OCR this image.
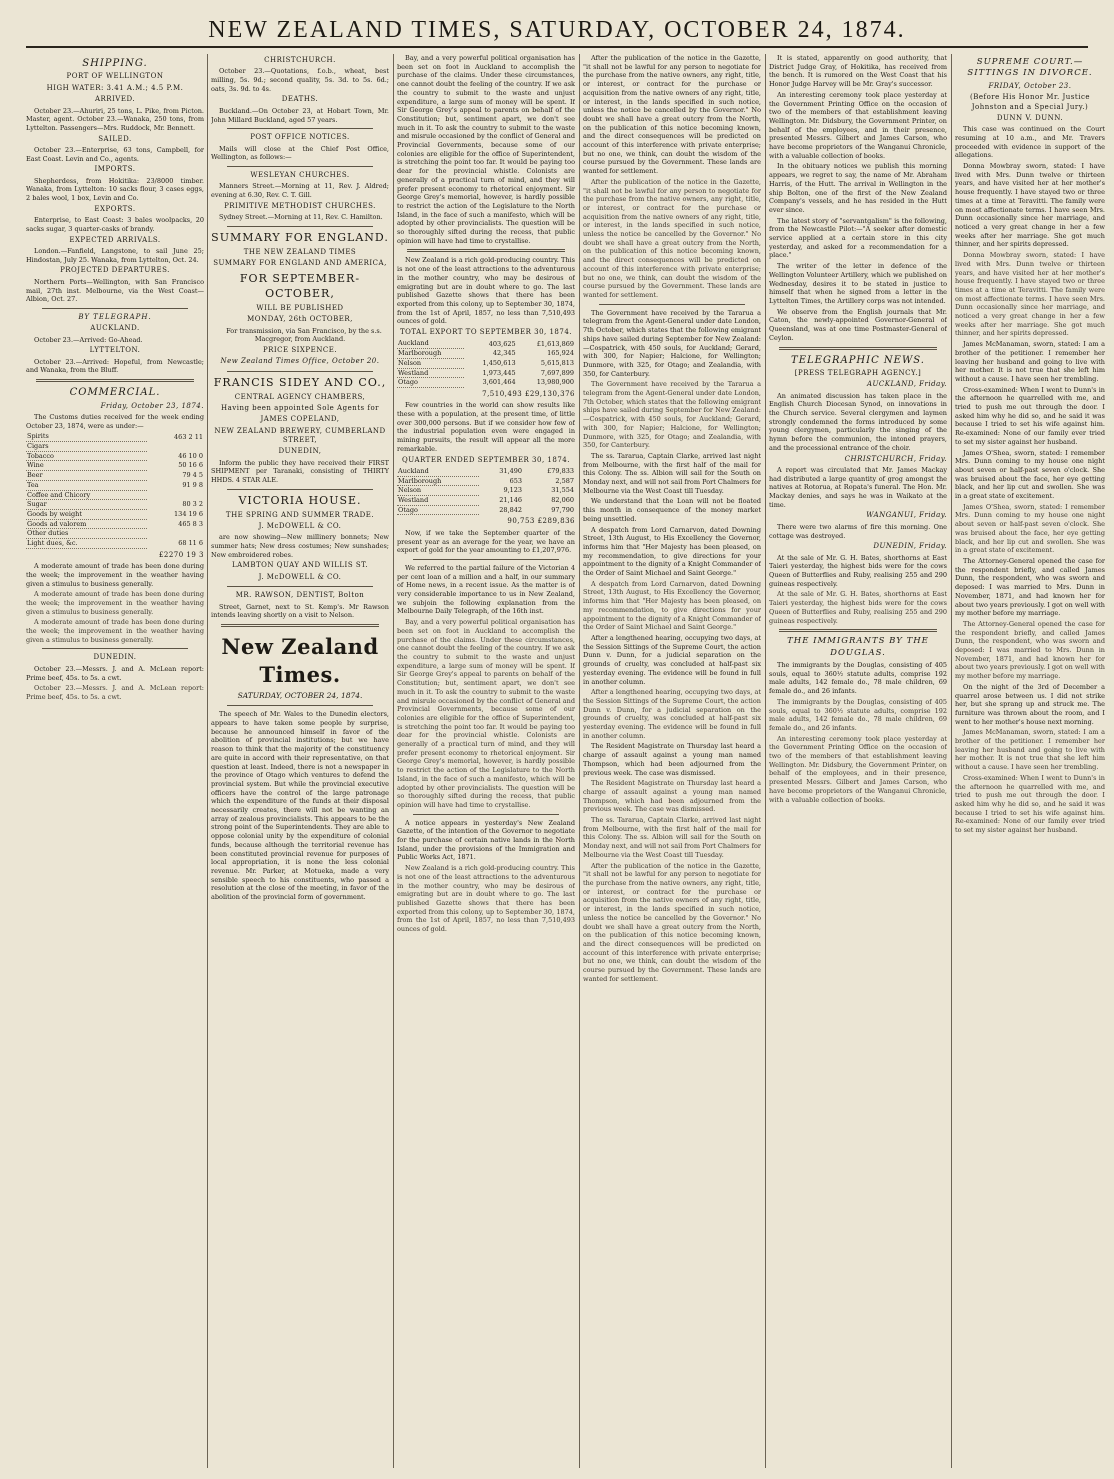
NEW ZEALAND TIMES, SATURDAY, OCTOBER 24, 1874.
SHIPPING.
PORT OF WELLINGTON
HIGH WATER: 3.41 A.M.; 4.5 P.M.
ARRIVED.
October 23.—Ahuriri, 25 tons, L. Pike, from Picton. Master, agent. October 23.—Wanaka, 250 tons, from Lyttelton. Passengers—Mrs. Ruddock, Mr. Bennett.
SAILED.
October 23.—Enterprise, 63 tons, Campbell, for East Coast. Levin and Co., agents.
IMPORTS.
Shepherdess, from Hokitika: 23/8000 timber. Wanaka, from Lyttelton: 10 sacks flour, 3 cases eggs, 2 bales wool, 1 box, Levin and Co.
EXPORTS.
Enterprise, to East Coast: 3 bales woolpacks, 20 sacks sugar, 3 quarter-casks of brandy.
EXPECTED ARRIVALS.
London.—Fanfield, Langstone, to sail June 25; Hindostan, July 25. Wanaka, from Lyttelton, Oct. 24.
PROJECTED DEPARTURES.
Northern Ports—Wellington, with San Francisco mail, 27th inst. Melbourne, via the West Coast—Albion, Oct. 27.
BY TELEGRAPH.
AUCKLAND.
October 23.—Arrived: Go-Ahead.
LYTTELTON.
October 23.—Arrived: Hopeful, from Newcastle; and Wanaka, from the Bluff.
COMMERCIAL.
Friday, October 23, 1874.
The Customs duties received for the week ending October 23, 1874, were as under:—
Spirits	463 2 11
Cigars	
Tobacco	46 10 0
Wine	50 16 6
Beer	79 4 5
Tea	91 9 8
Coffee and Chicory	
Sugar	80 3 2
Goods by weight	134 19 6
Goods ad valorem	465 8 3
Other duties	
Light dues, &c.	68 11 6
£2270 19 3
A moderate amount of trade has been done during the week; the improvement in the weather having given a stimulus to business generally.
A moderate amount of trade has been done during the week; the improvement in the weather having given a stimulus to business generally.
A moderate amount of trade has been done during the week; the improvement in the weather having given a stimulus to business generally.
DUNEDIN.
October 23.—Messrs. J. and A. McLean report: Prime beef, 45s. to 5s. a cwt.
October 23.—Messrs. J. and A. McLean report: Prime beef, 45s. to 5s. a cwt.
CHRISTCHURCH.
October 23.—Quotations, f.o.b., wheat, best milling, 5s. 9d.; second quality, 5s. 3d. to 5s. 6d.; oats, 3s. 9d. to 4s.
DEATHS.
Buckland.—On October 23, at Hobart Town, Mr. John Millard Buckland, aged 57 years.
POST OFFICE NOTICES.
Mails will close at the Chief Post Office, Wellington, as follows:—
WESLEYAN CHURCHES.
Manners Street.—Morning at 11, Rev. J. Aldred; evening at 6.30, Rev. C. T. Gill.
PRIMITIVE METHODIST CHURCHES.
Sydney Street.—Morning at 11, Rev. C. Hamilton.
SUMMARY FOR ENGLAND.
THE NEW ZEALAND TIMES
SUMMARY FOR ENGLAND AND AMERICA,
FOR SEPTEMBER-OCTOBER,
WILL BE PUBLISHED
MONDAY, 26th OCTOBER,
For transmission, via San Francisco, by the s.s. Macgregor, from Auckland.
PRICE SIXPENCE.
New Zealand Times Office, October 20.
FRANCIS SIDEY AND CO.,
CENTRAL AGENCY CHAMBERS,
Having been appointed Sole Agents for
JAMES COPELAND,
NEW ZEALAND BREWERY, CUMBERLAND STREET,
DUNEDIN,
Inform the public they have received their FIRST SHIPMENT per Taranaki, consisting of THIRTY HHDS. 4 STAR ALE.
VICTORIA HOUSE.
THE SPRING AND SUMMER TRADE.
J. McDOWELL & CO.
are now showing—New millinery bonnets; New summer hats; New dress costumes; New sunshades; New embroidered robes.
LAMBTON QUAY AND WILLIS ST.
J. McDOWELL & CO.
MR. RAWSON, DENTIST, Bolton
Street, Garnet, next to St. Kemp's. Mr Rawson intends leaving shortly on a visit to Nelson.
New Zealand Times.
SATURDAY, OCTOBER 24, 1874.
The speech of Mr. Wales to the Dunedin electors, appears to have taken some people by surprise, because he announced himself in favor of the abolition of provincial institutions; but we have reason to think that the majority of the constituency are quite in accord with their representative, on that question at least. Indeed, there is not a newspaper in the province of Otago which ventures to defend the provincial system. But while the provincial executive officers have the control of the large patronage which the expenditure of the funds at their disposal necessarily creates, there will not be wanting an array of zealous provincialists. This appears to be the strong point of the Superintendents. They are able to oppose colonial unity by the expenditure of colonial funds, because although the territorial revenue has been constituted provincial revenue for purposes of local appropriation, it is none the less colonial revenue. Mr. Parker, at Motueka, made a very sensible speech to his constituents, who passed a resolution at the close of the meeting, in favor of the abolition of the provincial form of government.
Bay, and a very powerful political organisation has been set on foot in Auckland to accomplish the purchase of the claims. Under these circumstances, one cannot doubt the feeling of the country. If we ask the country to submit to the waste and unjust expenditure, a large sum of money will be spent. If Sir George Grey's appeal to parents on behalf of the Constitution; but, sentiment apart, we don't see much in it. To ask the country to submit to the waste and misrule occasioned by the conflict of General and Provincial Governments, because some of our colonies are eligible for the office of Superintendent, is stretching the point too far. It would be paying too dear for the provincial whistle. Colonists are generally of a practical turn of mind, and they will prefer present economy to rhetorical enjoyment. Sir George Grey's memorial, however, is hardly possible to restrict the action of the Legislature to the North Island, in the face of such a manifesto, which will be adopted by other provincialists. The question will be so thoroughly sifted during the recess, that public opinion will have had time to crystallise.
New Zealand is a rich gold-producing country. This is not one of the least attractions to the adventurous in the mother country, who may be desirous of emigrating but are in doubt where to go. The last published Gazette shows that there has been exported from this colony, up to September 30, 1874, from the 1st of April, 1857, no less than 7,510,493 ounces of gold.
TOTAL EXPORT TO SEPTEMBER 30, 1874.
Auckland	403,625	£1,613,869
Marlborough	42,345	165,924
Nelson	1,450,613	5,615,813
Westland	1,973,445	7,697,899
Otago	3,601,464	13,980,900
7,510,493 £29,130,376
Few countries in the world can show results like these with a population, at the present time, of little over 300,000 persons. But if we consider how few of the industrial population even were engaged in mining pursuits, the result will appear all the more remarkable.
QUARTER ENDED SEPTEMBER 30, 1874.
Auckland	31,490	£79,833
Marlborough	653	2,587
Nelson	9,123	31,554
Westland	21,146	82,060
Otago	28,842	97,790
90,753 £289,836
Now, if we take the September quarter of the present year as an average for the year, we have an export of gold for the year amounting to £1,207,976.
We referred to the partial failure of the Victorian 4 per cent loan of a million and a half, in our summary of Home news, in a recent issue. As the matter is of very considerable importance to us in New Zealand, we subjoin the following explanation from the Melbourne Daily Telegraph, of the 16th inst.
Bay, and a very powerful political organisation has been set on foot in Auckland to accomplish the purchase of the claims. Under these circumstances, one cannot doubt the feeling of the country. If we ask the country to submit to the waste and unjust expenditure, a large sum of money will be spent. If Sir George Grey's appeal to parents on behalf of the Constitution; but, sentiment apart, we don't see much in it. To ask the country to submit to the waste and misrule occasioned by the conflict of General and Provincial Governments, because some of our colonies are eligible for the office of Superintendent, is stretching the point too far. It would be paying too dear for the provincial whistle. Colonists are generally of a practical turn of mind, and they will prefer present economy to rhetorical enjoyment. Sir George Grey's memorial, however, is hardly possible to restrict the action of the Legislature to the North Island, in the face of such a manifesto, which will be adopted by other provincialists. The question will be so thoroughly sifted during the recess, that public opinion will have had time to crystallise.
A notice appears in yesterday's New Zealand Gazette, of the intention of the Governor to negotiate for the purchase of certain native lands in the North Island, under the provisions of the Immigration and Public Works Act, 1871.
New Zealand is a rich gold-producing country. This is not one of the least attractions to the adventurous in the mother country, who may be desirous of emigrating but are in doubt where to go. The last published Gazette shows that there has been exported from this colony, up to September 30, 1874, from the 1st of April, 1857, no less than 7,510,493 ounces of gold.
After the publication of the notice in the Gazette, "it shall not be lawful for any person to negotiate for the purchase from the native owners, any right, title, or interest, or contract for the purchase or acquisition from the native owners of any right, title, or interest, in the lands specified in such notice, unless the notice be cancelled by the Governor." No doubt we shall have a great outcry from the North, on the publication of this notice becoming known, and the direct consequences will be predicted on account of this interference with private enterprise; but no one, we think, can doubt the wisdom of the course pursued by the Government. These lands are wanted for settlement.
After the publication of the notice in the Gazette, "it shall not be lawful for any person to negotiate for the purchase from the native owners, any right, title, or interest, or contract for the purchase or acquisition from the native owners of any right, title, or interest, in the lands specified in such notice, unless the notice be cancelled by the Governor." No doubt we shall have a great outcry from the North, on the publication of this notice becoming known, and the direct consequences will be predicted on account of this interference with private enterprise; but no one, we think, can doubt the wisdom of the course pursued by the Government. These lands are wanted for settlement.
The Government have received by the Tararua a telegram from the Agent-General under date London, 7th October, which states that the following emigrant ships have sailed during September for New Zealand:—Cospatrick, with 450 souls, for Auckland; Gerard, with 300, for Napier; Halcione, for Wellington; Dunmore, with 325, for Otago; and Zealandia, with 350, for Canterbury.
The Government have received by the Tararua a telegram from the Agent-General under date London, 7th October, which states that the following emigrant ships have sailed during September for New Zealand:—Cospatrick, with 450 souls, for Auckland; Gerard, with 300, for Napier; Halcione, for Wellington; Dunmore, with 325, for Otago; and Zealandia, with 350, for Canterbury.
The ss. Tararua, Captain Clarke, arrived last night from Melbourne, with the first half of the mail for this Colony. The ss. Albion will sail for the South on Monday next, and will not sail from Port Chalmers for Melbourne via the West Coast till Tuesday.
We understand that the Loan will not be floated this month in consequence of the money market being unsettled.
A despatch from Lord Carnarvon, dated Downing Street, 13th August, to His Excellency the Governor, informs him that "Her Majesty has been pleased, on my recommendation, to give directions for your appointment to the dignity of a Knight Commander of the Order of Saint Michael and Saint George."
A despatch from Lord Carnarvon, dated Downing Street, 13th August, to His Excellency the Governor, informs him that "Her Majesty has been pleased, on my recommendation, to give directions for your appointment to the dignity of a Knight Commander of the Order of Saint Michael and Saint George."
After a lengthened hearing, occupying two days, at the Session Sittings of the Supreme Court, the action Dunn v. Dunn, for a judicial separation on the grounds of cruelty, was concluded at half-past six yesterday evening. The evidence will be found in full in another column.
After a lengthened hearing, occupying two days, at the Session Sittings of the Supreme Court, the action Dunn v. Dunn, for a judicial separation on the grounds of cruelty, was concluded at half-past six yesterday evening. The evidence will be found in full in another column.
The Resident Magistrate on Thursday last heard a charge of assault against a young man named Thompson, which had been adjourned from the previous week. The case was dismissed.
The Resident Magistrate on Thursday last heard a charge of assault against a young man named Thompson, which had been adjourned from the previous week. The case was dismissed.
The ss. Tararua, Captain Clarke, arrived last night from Melbourne, with the first half of the mail for this Colony. The ss. Albion will sail for the South on Monday next, and will not sail from Port Chalmers for Melbourne via the West Coast till Tuesday.
After the publication of the notice in the Gazette, "it shall not be lawful for any person to negotiate for the purchase from the native owners, any right, title, or interest, or contract for the purchase or acquisition from the native owners of any right, title, or interest, in the lands specified in such notice, unless the notice be cancelled by the Governor." No doubt we shall have a great outcry from the North, on the publication of this notice becoming known, and the direct consequences will be predicted on account of this interference with private enterprise; but no one, we think, can doubt the wisdom of the course pursued by the Government. These lands are wanted for settlement.
It is stated, apparently on good authority, that District Judge Gray, of Hokitika, has received from the bench. It is rumored on the West Coast that his Honor Judge Harvey will be Mr. Gray's successor.
An interesting ceremony took place yesterday at the Government Printing Office on the occasion of two of the members of that establishment leaving Wellington. Mr. Didsbury, the Government Printer, on behalf of the employees, and in their presence, presented Messrs. Gilbert and James Carson, who have become proprietors of the Wanganui Chronicle, with a valuable collection of books.
In the obituary notices we publish this morning appears, we regret to say, the name of Mr. Abraham Harris, of the Hutt. The arrival in Wellington in the ship Bolton, one of the first of the New Zealand Company's vessels, and he has resided in the Hutt ever since.
The latest story of "servantgalism" is the following, from the Newcastle Pilot:—"A seeker after domestic service applied at a certain store in this city yesterday, and asked for a recommendation for a place."
The writer of the letter in defence of the Wellington Volunteer Artillery, which we published on Wednesday, desires it to be stated in justice to himself that when he signed from a letter in the Lyttelton Times, the Artillery corps was not intended.
We observe from the English journals that Mr. Caton, the newly-appointed Governor-General of Queensland, was at one time Postmaster-General of Ceylon.
TELEGRAPHIC NEWS.
[PRESS TELEGRAPH AGENCY.]
AUCKLAND, Friday.
An animated discussion has taken place in the English Church Diocesan Synod, on innovations in the Church service. Several clergymen and laymen strongly condemned the forms introduced by some young clergymen, particularly the singing of the hymn before the communion, the intoned prayers, and the processional entrance of the choir.
CHRISTCHURCH, Friday.
A report was circulated that Mr. James Mackay had distributed a large quantity of grog amongst the natives at Rotorua, at Ropata's funeral. The Hon. Mr. Mackay denies, and says he was in Waikato at the time.
WANGANUI, Friday.
There were two alarms of fire this morning. One cottage was destroyed.
DUNEDIN, Friday.
At the sale of Mr. G. H. Bates, shorthorns at East Taieri yesterday, the highest bids were for the cows Queen of Butterflies and Ruby, realising 255 and 290 guineas respectively.
At the sale of Mr. G. H. Bates, shorthorns at East Taieri yesterday, the highest bids were for the cows Queen of Butterflies and Ruby, realising 255 and 290 guineas respectively.
THE IMMIGRANTS BY THE DOUGLAS.
The immigrants by the Douglas, consisting of 405 souls, equal to 360½ statute adults, comprise 192 male adults, 142 female do., 78 male children, 69 female do., and 26 infants.
The immigrants by the Douglas, consisting of 405 souls, equal to 360½ statute adults, comprise 192 male adults, 142 female do., 78 male children, 69 female do., and 26 infants.
An interesting ceremony took place yesterday at the Government Printing Office on the occasion of two of the members of that establishment leaving Wellington. Mr. Didsbury, the Government Printer, on behalf of the employees, and in their presence, presented Messrs. Gilbert and James Carson, who have become proprietors of the Wanganui Chronicle, with a valuable collection of books.
SUPREME COURT.—SITTINGS IN DIVORCE.
FRIDAY, October 23.
(Before His Honor Mr. Justice Johnston and a Special Jury.)
DUNN V. DUNN.
This case was continued on the Court resuming at 10 a.m., and Mr. Travers proceeded with evidence in support of the allegations.
Donna Mowbray sworn, stated: I have lived with Mrs. Dunn twelve or thirteen years, and have visited her at her mother's house frequently. I have stayed two or three times at a time at Teravitti. The family were on most affectionate terms. I have seen Mrs. Dunn occasionally since her marriage, and noticed a very great change in her a few weeks after her marriage. She got much thinner, and her spirits depressed.
Donna Mowbray sworn, stated: I have lived with Mrs. Dunn twelve or thirteen years, and have visited her at her mother's house frequently. I have stayed two or three times at a time at Teravitti. The family were on most affectionate terms. I have seen Mrs. Dunn occasionally since her marriage, and noticed a very great change in her a few weeks after her marriage. She got much thinner, and her spirits depressed.
James McManaman, sworn, stated: I am a brother of the petitioner. I remember her leaving her husband and going to live with her mother. It is not true that she left him without a cause. I have seen her trembling.
Cross-examined: When I went to Dunn's in the afternoon he quarrelled with me, and tried to push me out through the door. I asked him why he did so, and he said it was because I tried to set his wife against him. Re-examined: None of our family ever tried to set my sister against her husband.
James O'Shea, sworn, stated: I remember Mrs. Dunn coming to my house one night about seven or half-past seven o'clock. She was bruised about the face, her eye getting black, and her lip cut and swollen. She was in a great state of excitement.
James O'Shea, sworn, stated: I remember Mrs. Dunn coming to my house one night about seven or half-past seven o'clock. She was bruised about the face, her eye getting black, and her lip cut and swollen. She was in a great state of excitement.
The Attorney-General opened the case for the respondent briefly, and called James Dunn, the respondent, who was sworn and deposed: I was married to Mrs. Dunn in November, 1871, and had known her for about two years previously. I got on well with my mother before my marriage.
The Attorney-General opened the case for the respondent briefly, and called James Dunn, the respondent, who was sworn and deposed: I was married to Mrs. Dunn in November, 1871, and had known her for about two years previously. I got on well with my mother before my marriage.
On the night of the 3rd of December a quarrel arose between us. I did not strike her, but she sprang up and struck me. The furniture was thrown about the room, and I went to her mother's house next morning.
James McManaman, sworn, stated: I am a brother of the petitioner. I remember her leaving her husband and going to live with her mother. It is not true that she left him without a cause. I have seen her trembling.
Cross-examined: When I went to Dunn's in the afternoon he quarrelled with me, and tried to push me out through the door. I asked him why he did so, and he said it was because I tried to set his wife against him. Re-examined: None of our family ever tried to set my sister against her husband.
